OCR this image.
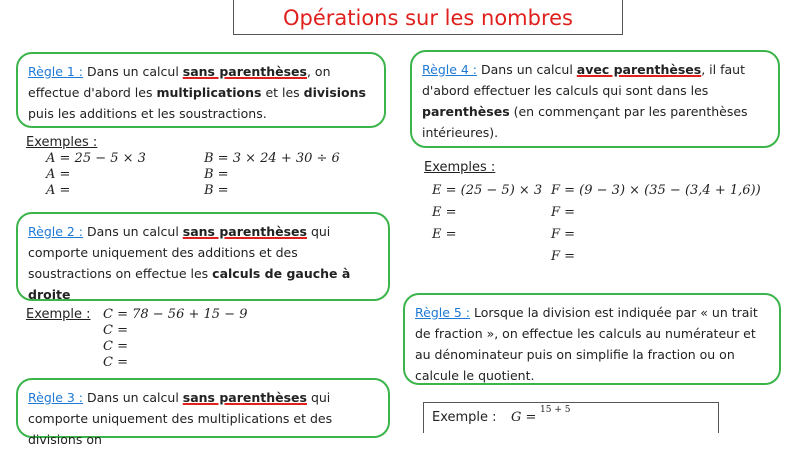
Opérations sur les nombres
Règle 1 : Dans un calcul sans parenthèses, on effectue d'abord les multiplications et les divisions puis les additions et les soustractions.
Exemples :
A = 25 − 5 × 3
A =
A =
B = 3 × 24 + 30 ÷ 6
B =
B =
Règle 2 : Dans un calcul sans parenthèses qui comporte uniquement des additions et des soustractions on effectue les calculs de gauche à droite
Exemple : C = 78 − 56 + 15 − 9
C =
C =
C =
Règle 3 : Dans un calcul sans parenthèses qui comporte uniquement des multiplications et des divisions on
Règle 4 : Dans un calcul avec parenthèses, il faut d'abord effectuer les calculs qui sont dans les parenthèses (en commençant par les parenthèses intérieures).
Exemples :
E = (25 − 5) × 3
E =
E =
F = (9 − 3) × (35 − (3,4 + 1,6))
F =
F =
F =
Règle 5 : Lorsque la division est indiquée par « un trait de fraction », on effectue les calculs au numérateur et au dénominateur puis on simplifie la fraction ou on calcule le quotient.
Exemple : G = 15 + 5
